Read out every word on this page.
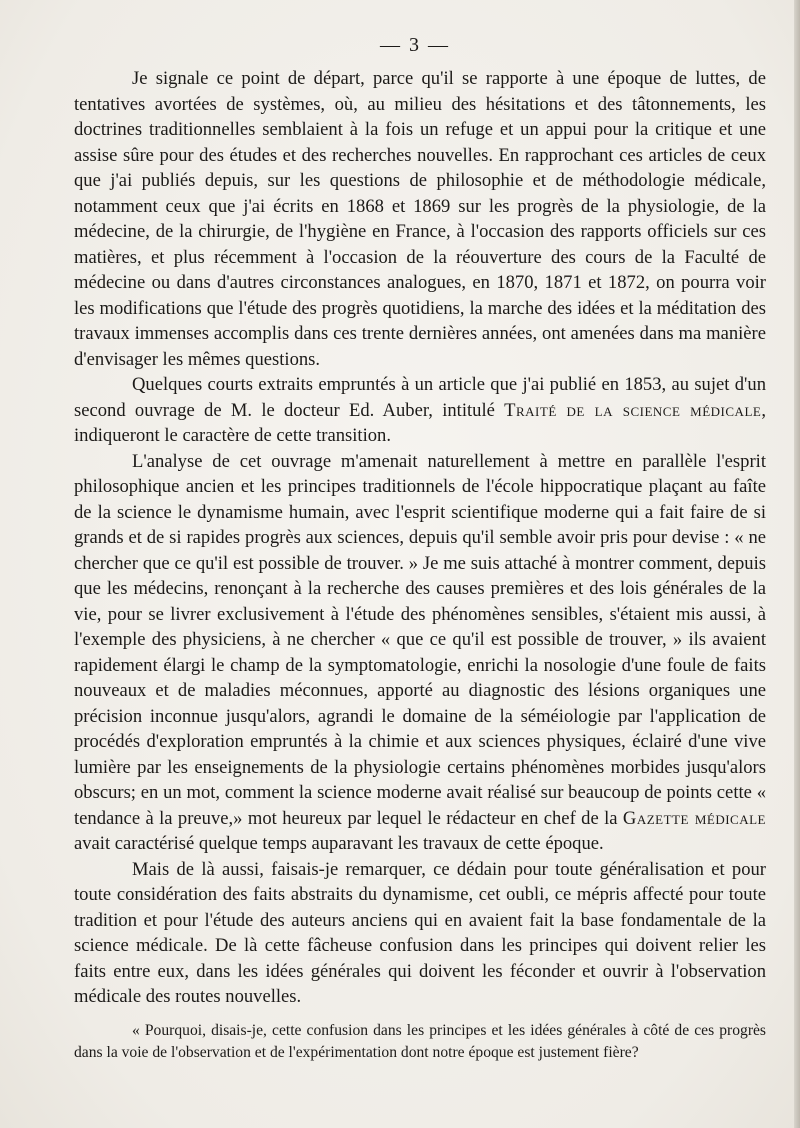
— 3 —

Je signale ce point de départ, parce qu'il se rapporte à une époque de luttes, de tentatives avortées de systèmes, où, au milieu des hésitations et des tâtonnements, les doctrines traditionnelles semblaient à la fois un refuge et un appui pour la critique et une assise sûre pour des études et des recherches nouvelles. En rapprochant ces articles de ceux que j'ai publiés depuis, sur les questions de philosophie et de méthodologie médicale, notamment ceux que j'ai écrits en 1868 et 1869 sur les progrès de la physiologie, de la médecine, de la chirurgie, de l'hygiène en France, à l'occasion des rapports officiels sur ces matières, et plus récemment à l'occasion de la réouverture des cours de la Faculté de médecine ou dans d'autres circonstances analogues, en 1870, 1871 et 1872, on pourra voir les modifications que l'étude des progrès quotidiens, la marche des idées et la méditation des travaux immenses accomplis dans ces trente dernières années, ont amenées dans ma manière d'envisager les mêmes questions.

Quelques courts extraits empruntés à un article que j'ai publié en 1853, au sujet d'un second ouvrage de M. le docteur Ed. Auber, intitulé Traité de la science médicale, indiqueront le caractère de cette transition.

L'analyse de cet ouvrage m'amenait naturellement à mettre en parallèle l'esprit philosophique ancien et les principes traditionnels de l'école hippocratique plaçant au faîte de la science le dynamisme humain, avec l'esprit scientifique moderne qui a fait faire de si grands et de si rapides progrès aux sciences, depuis qu'il semble avoir pris pour devise : « ne chercher que ce qu'il est possible de trouver. » Je me suis attaché à montrer comment, depuis que les médecins, renonçant à la recherche des causes premières et des lois générales de la vie, pour se livrer exclusivement à l'étude des phénomènes sensibles, s'étaient mis aussi, à l'exemple des physiciens, à ne chercher « que ce qu'il est possible de trouver, » ils avaient rapidement élargi le champ de la symptomatologie, enrichi la nosologie d'une foule de faits nouveaux et de maladies méconnues, apporté au diagnostic des lésions organiques une précision inconnue jusqu'alors, agrandi le domaine de la séméiologie par l'application de procédés d'exploration empruntés à la chimie et aux sciences physiques, éclairé d'une vive lumière par les enseignements de la physiologie certains phénomènes morbides jusqu'alors obscurs; en un mot, comment la science moderne avait réalisé sur beaucoup de points cette « tendance à la preuve,» mot heureux par lequel le rédacteur en chef de la Gazette médicale avait caractérisé quelque temps auparavant les travaux de cette époque.

Mais de là aussi, faisais-je remarquer, ce dédain pour toute généralisation et pour toute considération des faits abstraits du dynamisme, cet oubli, ce mépris affecté pour toute tradition et pour l'étude des auteurs anciens qui en avaient fait la base fondamentale de la science médicale. De là cette fâcheuse confusion dans les principes qui doivent relier les faits entre eux, dans les idées générales qui doivent les féconder et ouvrir à l'observation médicale des routes nouvelles.

« Pourquoi, disais-je, cette confusion dans les principes et les idées générales à côté de ces progrès dans la voie de l'observation et de l'expérimentation dont notre époque est justement fière?
